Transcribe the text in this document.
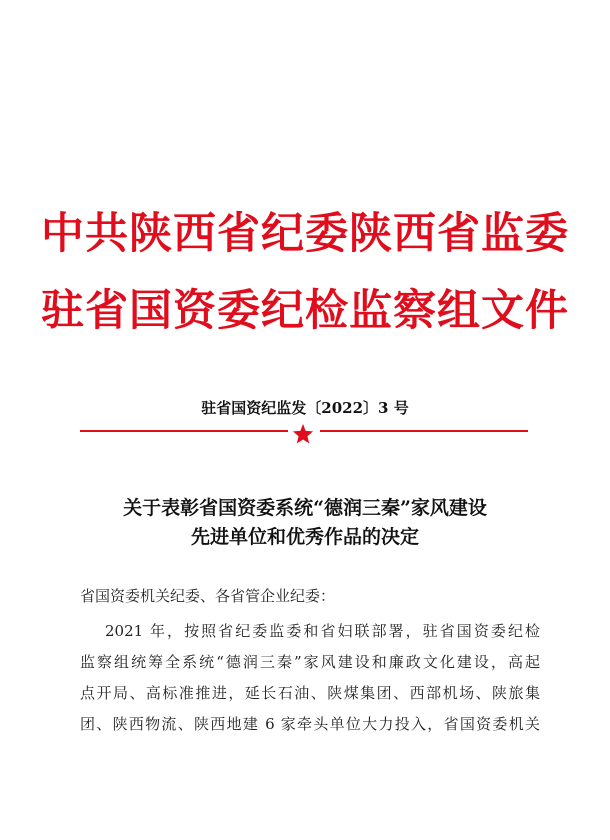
中共陕西省纪委陕西省监委
驻省国资委纪检监察组文件
驻省国资纪监发〔2022〕3 号
关于表彰省国资委系统“德润三秦”家风建设
先进单位和优秀作品的决定
省国资委机关纪委、各省管企业纪委：
2021 年，按照省纪委监委和省妇联部署，驻省国资委纪检
监察组统筹全系统“德润三秦”家风建设和廉政文化建设，高起
点开局、高标准推进，延长石油、陕煤集团、西部机场、陕旅集
团、陕西物流、陕西地建 6 家牵头单位大力投入，省国资委机关
